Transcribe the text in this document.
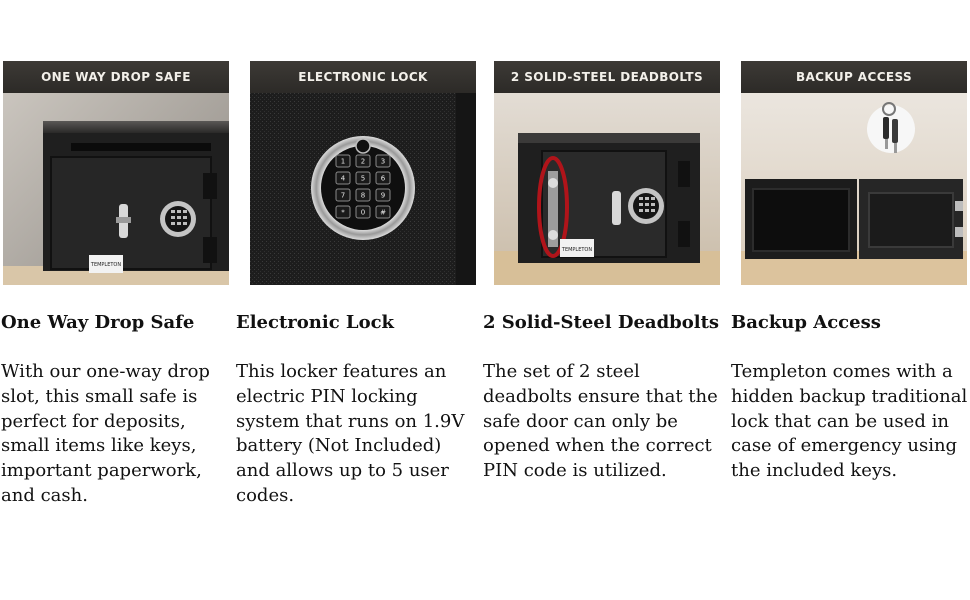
ONE WAY DROP SAFE
TEMPLETON
ELECTRONIC LOCK
1 2 3
4 5 6
7 8 9
* 0 #
2 SOLID-STEEL DEADBOLTS
TEMPLETON
BACKUP ACCESS
One Way Drop Safe

With our one-way drop
slot, this small safe is
perfect for deposits,
small items like keys,
important paperwork,
and cash.

Electronic Lock

This locker features an
electric PIN locking
system that runs on 1.9V
battery (Not Included)
and allows up to 5 user
codes.

2 Solid-Steel Deadbolts

The set of 2 steel
deadbolts ensure that the
safe door can only be
opened when the correct
PIN code is utilized.

Backup Access

Templeton comes with a
hidden backup traditional
lock that can be used in
case of emergency using
the included keys.
